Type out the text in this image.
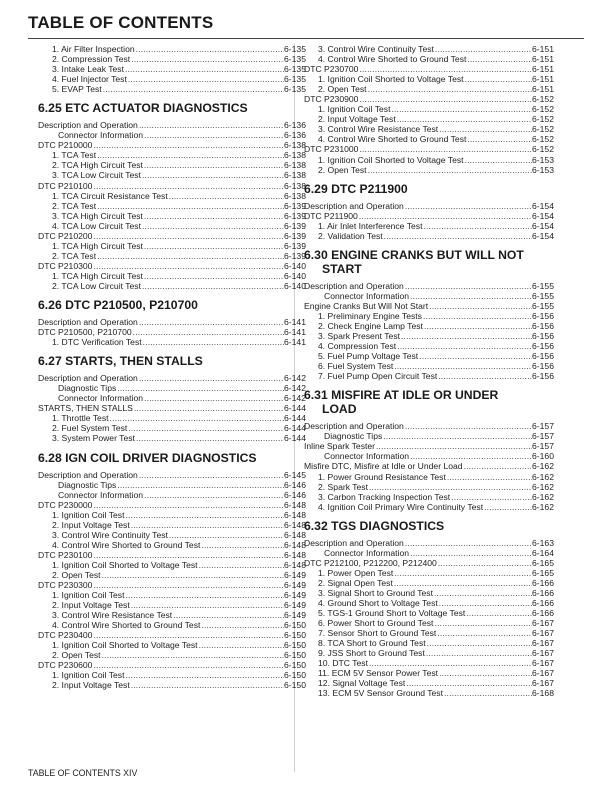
TABLE OF CONTENTS
1. Air Filter Inspection .....	6-135
2. Compression Test .....	6-135
3. Intake Leak Test .....	6-135
4. Fuel Injector Test .....	6-135
5. EVAP Test .....	6-135
6.25 ETC ACTUATOR DIAGNOSTICS
Description and Operation .....	6-136
Connector Information .....	6-136
DTC P210000 .....	6-138
1. TCA Test .....	6-138
2. TCA High Circuit Test .....	6-138
3. TCA Low Circuit Test .....	6-138
DTC P210100 .....	6-138
1. TCA Circuit Resistance Test .....	6-138
2. TCA Test .....	6-139
3. TCA High Circuit Test .....	6-139
4. TCA Low Circuit Test .....	6-139
DTC P210200 .....	6-139
1. TCA High Circuit Test .....	6-139
2. TCA Test .....	6-139
DTC P210300 .....	6-140
1. TCA High Circuit Test .....	6-140
2. TCA Low Circuit Test .....	6-140
6.26 DTC P210500, P210700
Description and Operation .....	6-141
DTC P210500, P210700 .....	6-141
1. DTC Verification Test .....	6-141
6.27 STARTS, THEN STALLS
Description and Operation .....	6-142
Diagnostic Tips .....	6-142
Connector Information .....	6-142
STARTS, THEN STALLS .....	6-144
1. Throttle Test .....	6-144
2. Fuel System Test .....	6-144
3. System Power Test .....	6-144
6.28 IGN COIL DRIVER DIAGNOSTICS
Description and Operation .....	6-145
Diagnostic Tips .....	6-146
Connector Information .....	6-146
DTC P230000 .....	6-148
1. Ignition Coil Test .....	6-148
2. Input Voltage Test .....	6-148
3. Control Wire Continuity Test .....	6-148
4. Control Wire Shorted to Ground Test .....	6-148
DTC P230100 .....	6-148
1. Ignition Coil Shorted to Voltage Test .....	6-148
2. Open Test .....	6-149
DTC P230300 .....	6-149
1. Ignition Coil Test .....	6-149
2. Input Voltage Test .....	6-149
3. Control Wire Resistance Test .....	6-149
4. Control Wire Shorted to Ground Test .....	6-150
DTC P230400 .....	6-150
1. Ignition Coil Shorted to Voltage Test .....	6-150
2. Open Test .....	6-150
DTC P230600 .....	6-150
1. Ignition Coil Test .....	6-150
2. Input Voltage Test .....	6-150
3. Control Wire Continuity Test .....	6-151
4. Control Wire Shorted to Ground Test .....	6-151
DTC P230700 .....	6-151
1. Ignition Coil Shorted to Voltage Test .....	6-151
2. Open Test .....	6-151
DTC P230900 .....	6-152
1. Ignition Coil Test .....	6-152
2. Input Voltage Test .....	6-152
3. Control Wire Resistance Test .....	6-152
4. Control Wire Shorted to Ground Test .....	6-152
DTC P231000 .....	6-152
1. Ignition Coil Shorted to Voltage Test .....	6-153
2. Open Test .....	6-153
6.29 DTC P211900
Description and Operation .....	6-154
DTC P211900 .....	6-154
1. Air Inlet Interference Test .....	6-154
2. Validation Test .....	6-154
6.30 ENGINE CRANKS BUT WILL NOT
START
Description and Operation .....	6-155
Connector Information .....	6-155
Engine Cranks But Will Not Start .....	6-155
1. Preliminary Engine Tests .....	6-156
2. Check Engine Lamp Test .....	6-156
3. Spark Present Test .....	6-156
4. Compression Test .....	6-156
5. Fuel Pump Voltage Test .....	6-156
6. Fuel System Test .....	6-156
7. Fuel Pump Open Circuit Test .....	6-156
6.31 MISFIRE AT IDLE OR UNDER
LOAD
Description and Operation .....	6-157
Diagnostic Tips .....	6-157
Inline Spark Tester .....	6-157
Connector Information .....	6-160
Misfire DTC, Misfire at Idle or Under Load .....	6-162
1. Power Ground Resistance Test .....	6-162
2. Spark Test .....	6-162
3. Carbon Tracking Inspection Test .....	6-162
4. Ignition Coil Primary Wire Continuity Test .....	6-162
6.32 TGS DIAGNOSTICS
Description and Operation .....	6-163
Connector Information .....	6-164
DTC P212100, P212200, P212400 .....	6-165
1. Power Open Test .....	6-165
2. Signal Open Test .....	6-166
3. Signal Short to Ground Test .....	6-166
4. Ground Short to Voltage Test .....	6-166
5. TGS-1 Ground Short to Voltage Test .....	6-166
6. Power Short to Ground Test .....	6-167
7. Sensor Short to Ground Test .....	6-167
8. TCA Short to Ground Test .....	6-167
9. JSS Short to Ground Test .....	6-167
10. DTC Test .....	6-167
11. ECM 5V Sensor Power Test .....	6-167
12. Signal Voltage Test .....	6-167
13. ECM 5V Sensor Ground Test .....	6-168
TABLE OF CONTENTS XIV
